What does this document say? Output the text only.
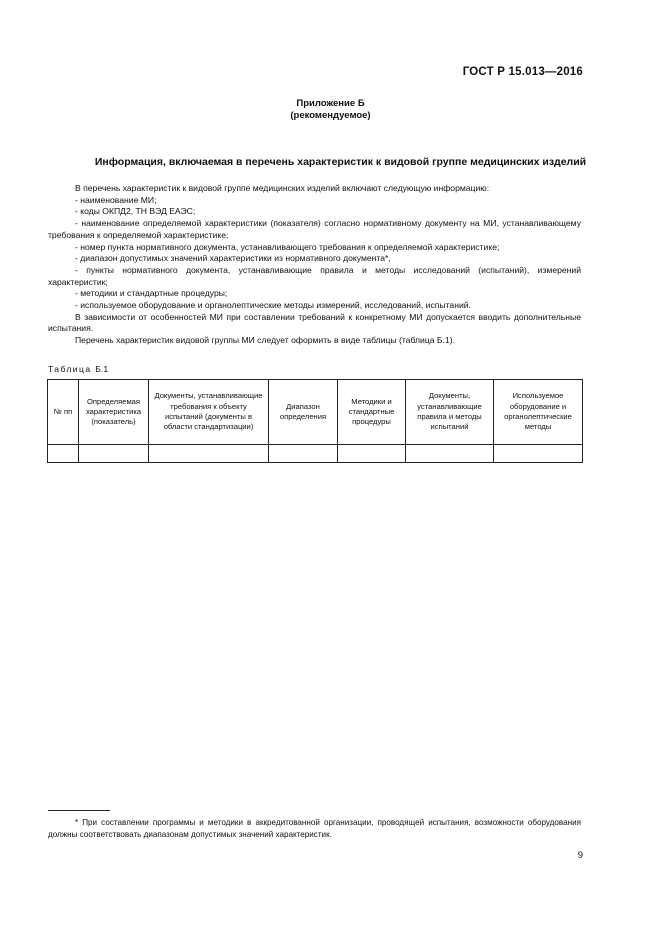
ГОСТ Р 15.013—2016
Приложение Б
(рекомендуемое)
Информация, включаемая в перечень характеристик к видовой группе медицинских изделий

В перечень характеристик к видовой группе медицинских изделий включают следующую информацию:

- наименование МИ;

- коды ОКПД2, ТН ВЭД ЕАЭС;

- наименование определяемой характеристики (показателя) согласно нормативному документу на МИ, устанавливающему требования к определяемой характеристике;

- номер пункта нормативного документа, устанавливающего требования к определяемой характеристике;

- диапазон допустимых значений характеристики из нормативного документа*,

- пункты нормативного документа, устанавливающие правила и методы исследований (испытаний), измерений характеристик;

- методики и стандартные процедуры;

- используемое оборудование и органолептические методы измерений, исследований, испытаний.

В зависимости от особенностей МИ при составлении требований к конкретному МИ допускается вводить дополнительные испытания.

Перечень характеристик видовой группы МИ следует оформить в виде таблицы (таблица Б.1).

Таблица Б.1
№ пп	Определяемая характеристика (показатель)	Документы, устанавливающие требования к объекту испытаний (документы в области стандартизации)	Диапазон определения	Методики и стандартные процедуры	Документы, устанавливающие правила и методы испытаний	Используемое оборудование и органолептические методы

* При составлении программы и методики в аккредитованной организации, проводящей испытания, возможности оборудования должны соответствовать диапазонам допустимых значений характеристик.

9
